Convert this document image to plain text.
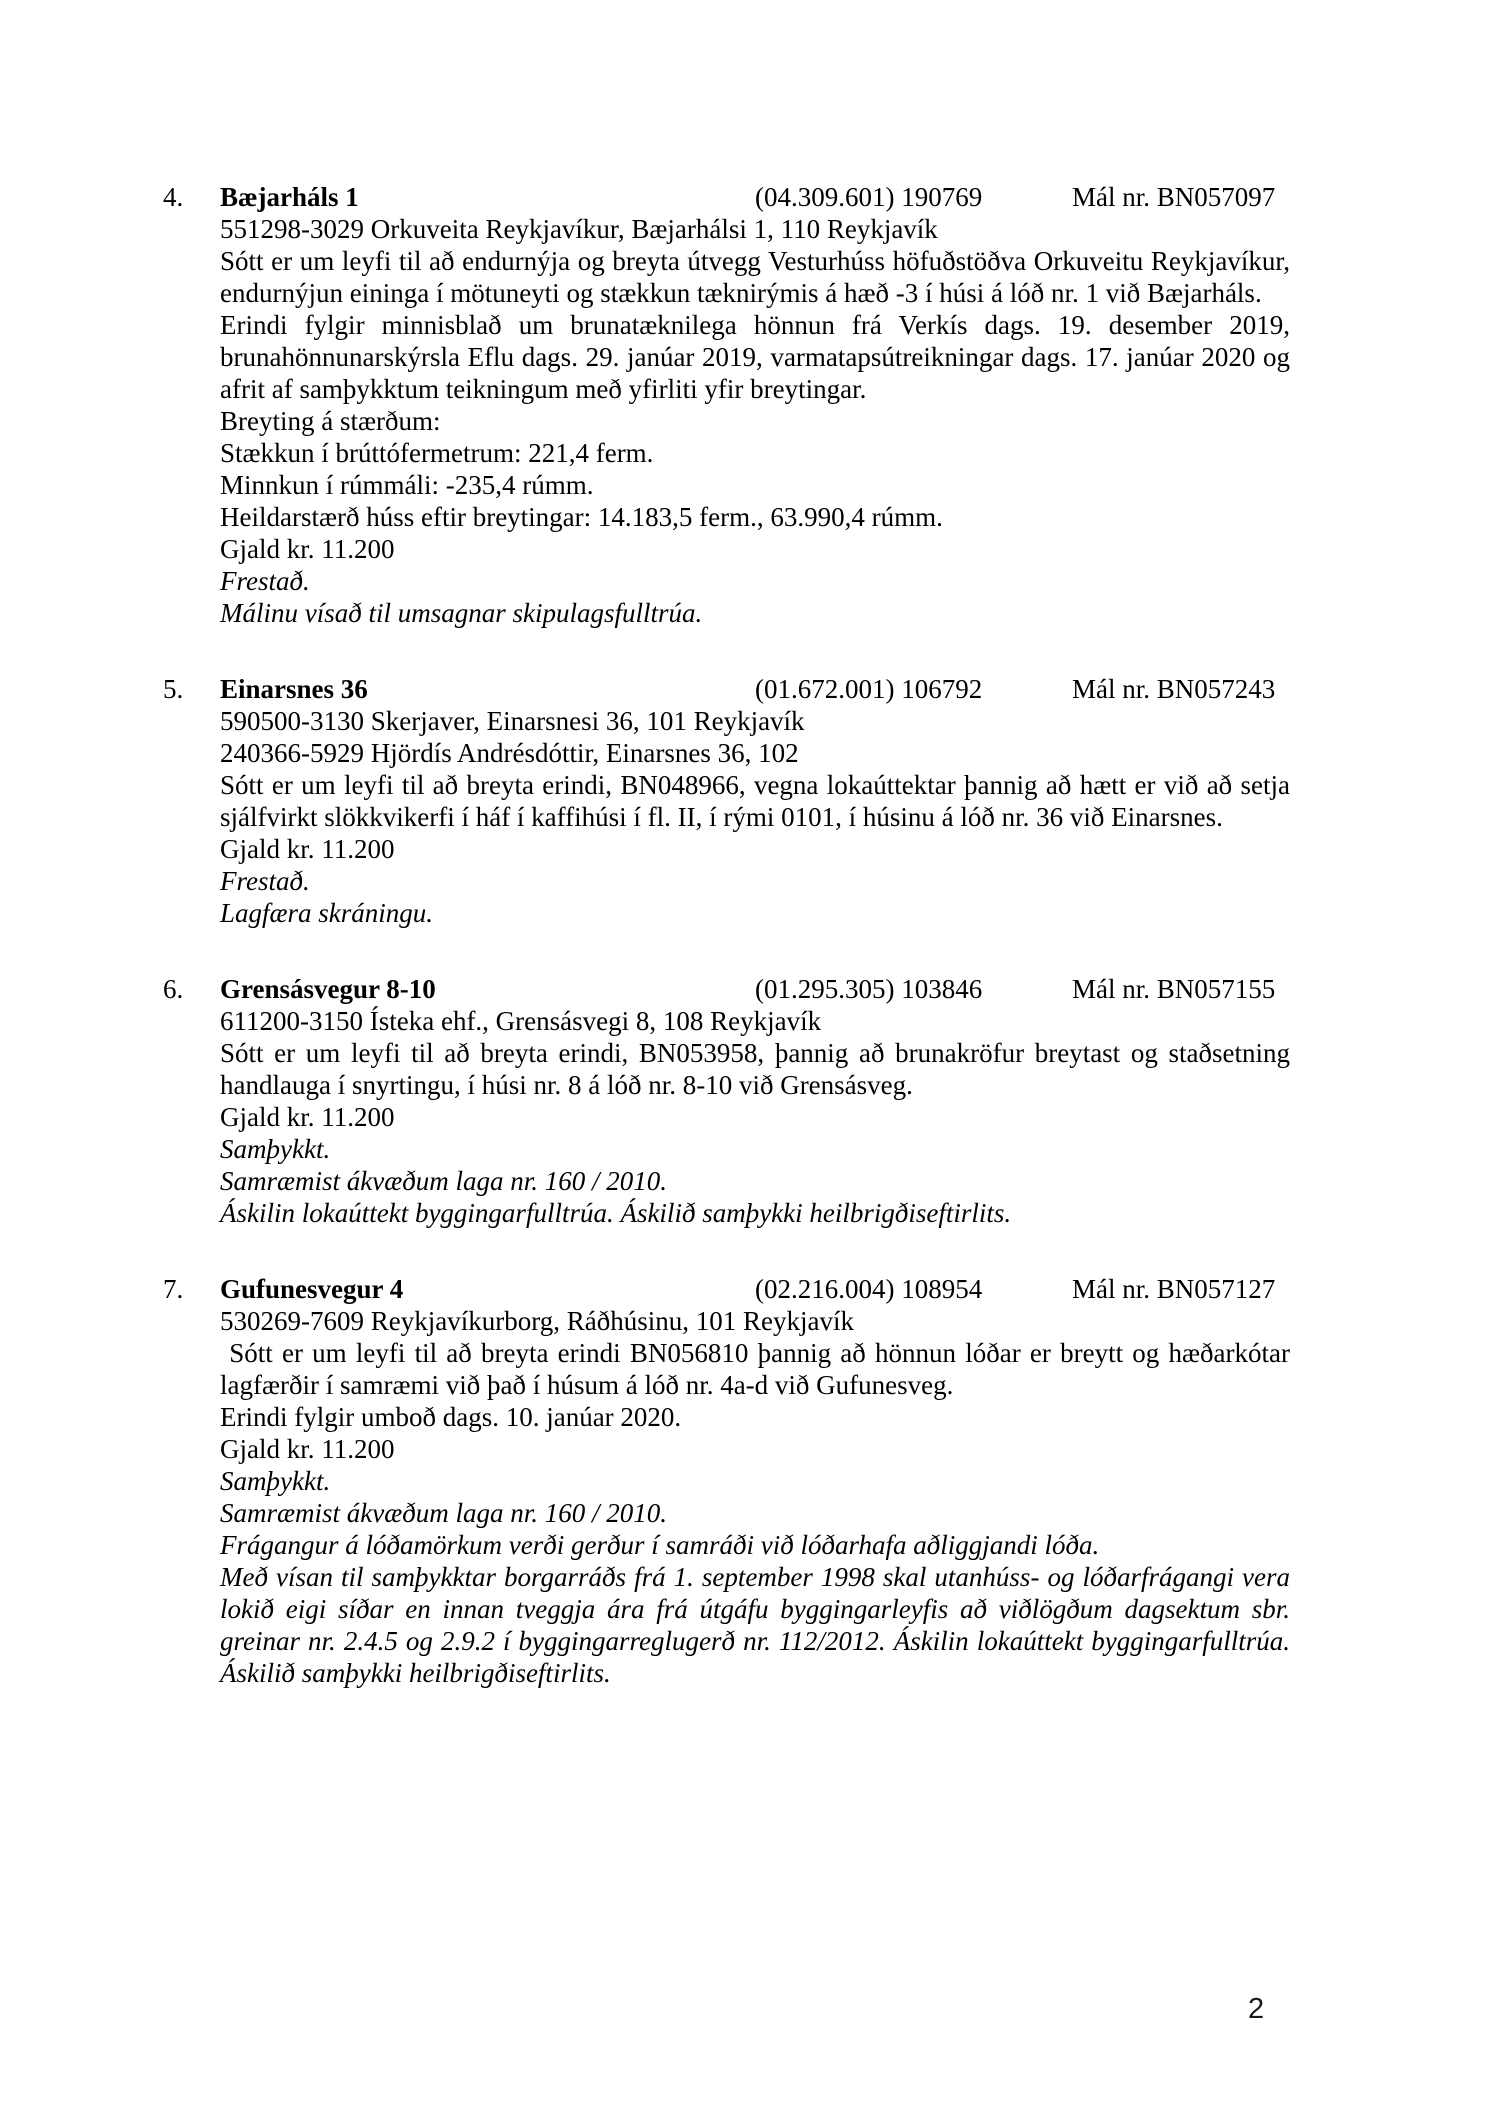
4. Bæjarháls 1	(04.309.601) 190769	Mál nr. BN057097
551298-3029 Orkuveita Reykjavíkur, Bæjarhálsi 1, 110 Reykjavík
Sótt er um leyfi til að endurnýja og breyta útvegg Vesturhúss höfuðstöðva Orkuveitu Reykjavíkur, endurnýjun eininga í mötuneyti og stækkun tæknirýmis á hæð -3 í húsi á lóð nr. 1 við Bæjarháls.
Erindi fylgir minnisblað um brunatæknilega hönnun frá Verkís dags. 19. desember 2019, brunahönnunarskýrsla Eflu dags. 29. janúar 2019, varmatapsútreikningar dags. 17. janúar 2020 og afrit af samþykktum teikningum með yfirliti yfir breytingar.
Breyting á stærðum:
Stækkun í brúttófermetrum: 221,4 ferm.
Minnkun í rúmmáli: -235,4 rúmm.
Heildarstærð húss eftir breytingar: 14.183,5 ferm., 63.990,4 rúmm.
Gjald kr. 11.200
Frestað.
Málinu vísað til umsagnar skipulagsfulltrúa.
5. Einarsnes 36	(01.672.001) 106792	Mál nr. BN057243
590500-3130 Skerjaver, Einarsnesi 36, 101 Reykjavík
240366-5929 Hjördís Andrésdóttir, Einarsnes 36, 102
Sótt er um leyfi til að breyta erindi, BN048966, vegna lokaúttektar þannig að hætt er við að setja sjálfvirkt slökkvikerfi í háf í kaffihúsi í fl. II, í rými 0101, í húsinu á lóð nr. 36 við Einarsnes.
Gjald kr. 11.200
Frestað.
Lagfæra skráningu.
6. Grensásvegur 8-10	(01.295.305) 103846	Mál nr. BN057155
611200-3150 Ísteka ehf., Grensásvegi 8, 108 Reykjavík
Sótt er um leyfi til að breyta erindi, BN053958, þannig að brunakröfur breytast og staðsetning handlauga í snyrtingu, í húsi nr. 8 á lóð nr. 8-10 við Grensásveg.
Gjald kr. 11.200
Samþykkt.
Samræmist ákvæðum laga nr. 160 / 2010.
Áskilin lokaúttekt byggingarfulltrúa. Áskilið samþykki heilbrigðiseftirlits.
7. Gufunesvegur 4	(02.216.004) 108954	Mál nr. BN057127
530269-7609 Reykjavíkurborg, Ráðhúsinu, 101 Reykjavík
Sótt er um leyfi til að breyta erindi BN056810 þannig að hönnun lóðar er breytt og hæðarkótar lagfærðir í samræmi við það í húsum á lóð nr. 4a-d við Gufunesveg.
Erindi fylgir umboð dags. 10. janúar 2020.
Gjald kr. 11.200
Samþykkt.
Samræmist ákvæðum laga nr. 160 / 2010.
Frágangur á lóðamörkum verði gerður í samráði við lóðarhafa aðliggjandi lóða.
Með vísan til samþykktar borgarráðs frá 1. september 1998 skal utanhúss- og lóðarfrágangi vera lokið eigi síðar en innan tveggja ára frá útgáfu byggingarleyfis að viðlögðum dagsektum sbr. greinar nr. 2.4.5 og 2.9.2 í byggingarreglugerð nr. 112/2012. Áskilin lokaúttekt byggingarfulltrúa. Áskilið samþykki heilbrigðiseftirlits.
2
